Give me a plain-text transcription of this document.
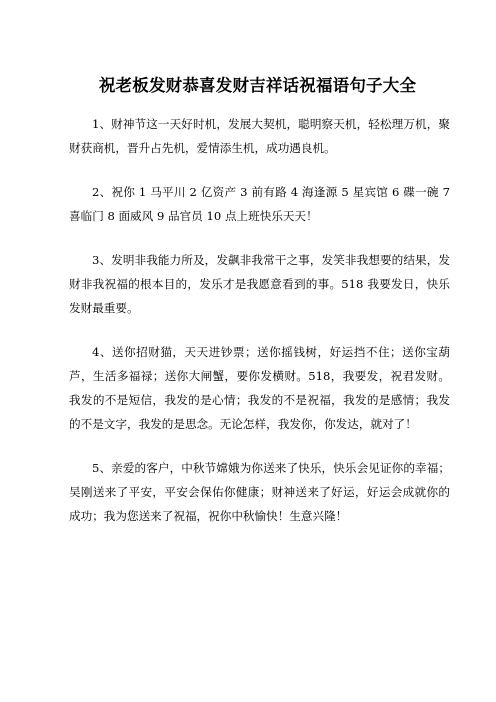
祝老板发财恭喜发财吉祥话祝福语句子大全

1、财神节这一天好时机，发展大契机，聪明察天机，轻松理万机，聚财获商机，晋升占先机，爱情添生机，成功遇良机。

2、祝你 1 马平川 2 亿资产 3 前有路 4 海逢源 5 星宾馆 6 碟一碗 7 喜临门 8 面威风 9 品官员 10 点上班快乐天天！

3、发明非我能力所及，发飙非我常干之事，发笑非我想要的结果，发财非我祝福的根本目的，发乐才是我愿意看到的事。518 我要发日，快乐发财最重要。

4、送你招财猫，天天进钞票；送你摇钱树，好运挡不住；送你宝葫芦，生活多福禄；送你大闸蟹，要你发横财。518，我要发，祝君发财。我发的不是短信，我发的是心情；我发的不是祝福，我发的是感情；我发的不是文字，我发的是思念。无论怎样，我发你，你发达，就对了！

5、亲爱的客户，中秋节嫦娥为你送来了快乐，快乐会见证你的幸福；吴刚送来了平安，平安会保佑你健康；财神送来了好运，好运会成就你的成功；我为您送来了祝福，祝你中秋愉快！生意兴隆！
